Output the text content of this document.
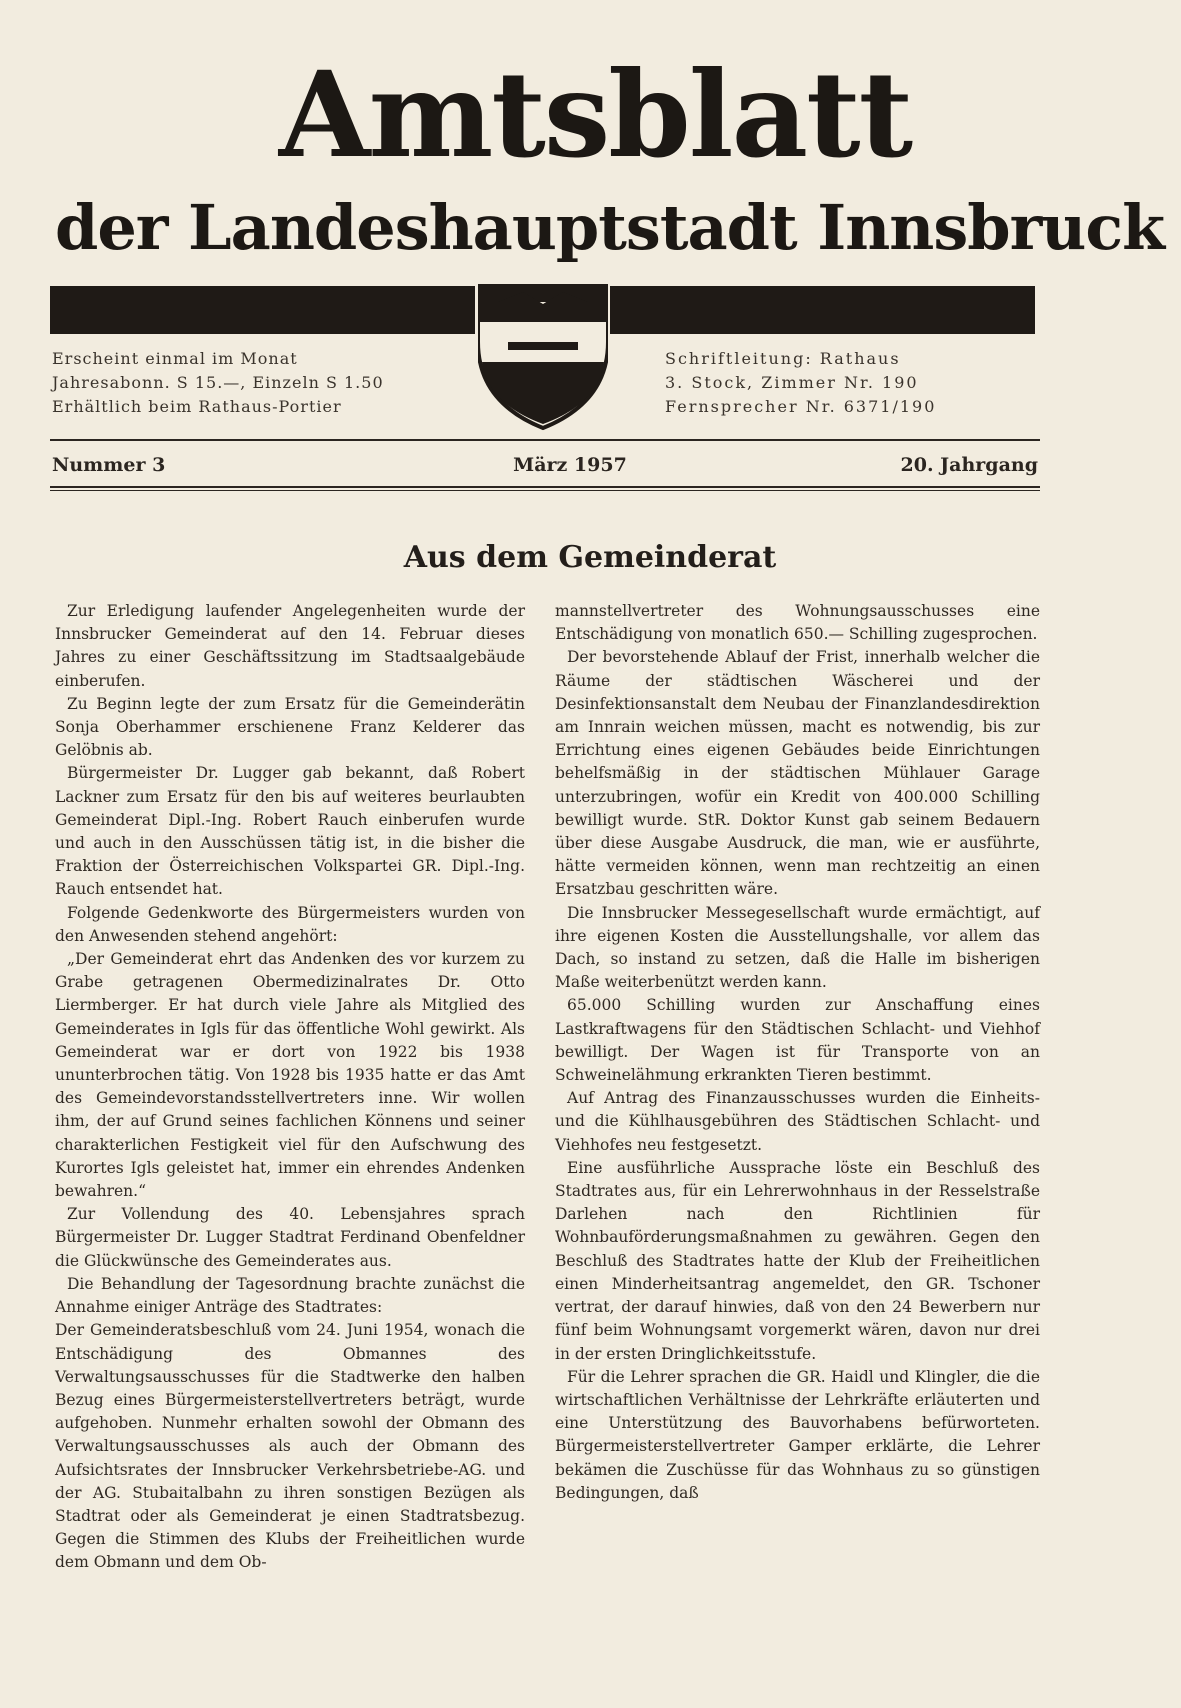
Amtsblatt
der Landeshauptstadt Innsbruck
Erscheint einmal im Monat
Jahresabonn. S 15.—, Einzeln S 1.50
Erhältlich beim Rathaus-Portier
Schriftleitung: Rathaus
3. Stock, Zimmer Nr. 190
Fernsprecher Nr. 6371/190
Nummer 3	März 1957	20. Jahrgang
Aus dem Gemeinderat

Zur Erledigung laufender Angelegenheiten wurde der Innsbrucker Gemeinderat auf den 14. Februar dieses Jahres zu einer Geschäftssitzung im Stadtsaalgebäude einberufen.

Zu Beginn legte der zum Ersatz für die Gemeinderätin Sonja Oberhammer erschienene Franz Kelderer das Gelöbnis ab.

Bürgermeister Dr. Lugger gab bekannt, daß Robert Lackner zum Ersatz für den bis auf weiteres beurlaubten Gemeinderat Dipl.-Ing. Robert Rauch einberufen wurde und auch in den Ausschüssen tätig ist, in die bisher die Fraktion der Österreichischen Volkspartei GR. Dipl.-Ing. Rauch entsendet hat.

Folgende Gedenkworte des Bürgermeisters wurden von den Anwesenden stehend angehört:

„Der Gemeinderat ehrt das Andenken des vor kurzem zu Grabe getragenen Obermedizinalrates Dr. Otto Liermberger. Er hat durch viele Jahre als Mitglied des Gemeinderates in Igls für das öffentliche Wohl gewirkt. Als Gemeinderat war er dort von 1922 bis 1938 ununterbrochen tätig. Von 1928 bis 1935 hatte er das Amt des Gemeindevorstandsstellvertreters inne. Wir wollen ihm, der auf Grund seines fachlichen Könnens und seiner charakterlichen Festigkeit viel für den Aufschwung des Kurortes Igls geleistet hat, immer ein ehrendes Andenken bewahren.“

Zur Vollendung des 40. Lebensjahres sprach Bürgermeister Dr. Lugger Stadtrat Ferdinand Obenfeldner die Glückwünsche des Gemeinderates aus.

Die Behandlung der Tagesordnung brachte zunächst die Annahme einiger Anträge des Stadtrates:

Der Gemeinderatsbeschluß vom 24. Juni 1954, wonach die Entschädigung des Obmannes des Verwaltungsausschusses für die Stadtwerke den halben Bezug eines Bürgermeisterstellvertreters beträgt, wurde aufgehoben. Nunmehr erhalten sowohl der Obmann des Verwaltungsausschusses als auch der Obmann des Aufsichtsrates der Innsbrucker Verkehrsbetriebe-AG. und der AG. Stubaitalbahn zu ihren sonstigen Bezügen als Stadtrat oder als Gemeinderat je einen Stadtratsbezug. Gegen die Stimmen des Klubs der Freiheitlichen wurde dem Obmann und dem Ob-

mannstellvertreter des Wohnungsausschusses eine Entschädigung von monatlich 650.— Schilling zugesprochen.

Der bevorstehende Ablauf der Frist, innerhalb welcher die Räume der städtischen Wäscherei und der Desinfektionsanstalt dem Neubau der Finanzlandesdirektion am Innrain weichen müssen, macht es notwendig, bis zur Errichtung eines eigenen Gebäudes beide Einrichtungen behelfsmäßig in der städtischen Mühlauer Garage unterzubringen, wofür ein Kredit von 400.000 Schilling bewilligt wurde. StR. Doktor Kunst gab seinem Bedauern über diese Ausgabe Ausdruck, die man, wie er ausführte, hätte vermeiden können, wenn man rechtzeitig an einen Ersatzbau geschritten wäre.

Die Innsbrucker Messegesellschaft wurde ermächtigt, auf ihre eigenen Kosten die Ausstellungshalle, vor allem das Dach, so instand zu setzen, daß die Halle im bisherigen Maße weiterbenützt werden kann.

65.000 Schilling wurden zur Anschaffung eines Lastkraftwagens für den Städtischen Schlacht- und Viehhof bewilligt. Der Wagen ist für Transporte von an Schweinelähmung erkrankten Tieren bestimmt.

Auf Antrag des Finanzausschusses wurden die Einheits- und die Kühlhausgebühren des Städtischen Schlacht- und Viehhofes neu festgesetzt.

Eine ausführliche Aussprache löste ein Beschluß des Stadtrates aus, für ein Lehrerwohnhaus in der Resselstraße Darlehen nach den Richtlinien für Wohnbauförderungsmaßnahmen zu gewähren. Gegen den Beschluß des Stadtrates hatte der Klub der Freiheitlichen einen Minderheitsantrag angemeldet, den GR. Tschoner vertrat, der darauf hinwies, daß von den 24 Bewerbern nur fünf beim Wohnungsamt vorgemerkt wären, davon nur drei in der ersten Dringlichkeitsstufe.

Für die Lehrer sprachen die GR. Haidl und Klingler, die die wirtschaftlichen Verhältnisse der Lehrkräfte erläuterten und eine Unterstützung des Bauvorhabens befürworteten. Bürgermeisterstellvertreter Gamper erklärte, die Lehrer bekämen die Zuschüsse für das Wohnhaus zu so günstigen Bedingungen, daß
